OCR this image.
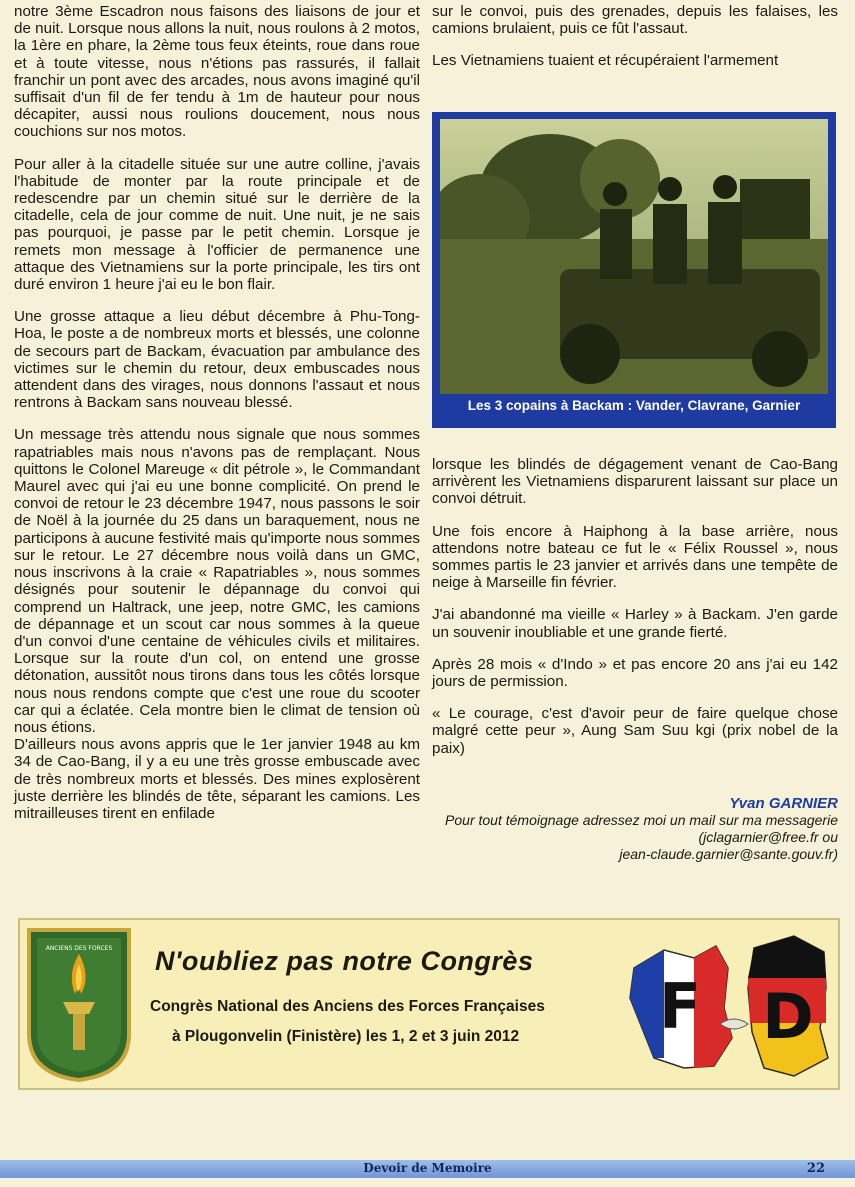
notre 3ème Escadron nous faisons des liaisons de jour et de nuit. Lorsque nous allons la nuit, nous roulons à 2 motos, la 1ère en phare, la 2ème tous feux éteints, roue dans roue et à toute vitesse, nous n'étions pas rassurés, il fallait franchir un pont avec des arcades, nous avons imaginé qu'il suffisait d'un fil de fer tendu à 1m de hauteur pour nous décapiter, aussi nous roulions doucement, nous nous couchions sur nos motos.

Pour aller à la citadelle située sur une autre colline, j'avais l'habitude de monter par la route principale et de redescendre par un chemin situé sur le derrière de la citadelle, cela de jour comme de nuit. Une nuit, je ne sais pas pourquoi, je passe par le petit chemin. Lorsque je remets mon message à l'officier de permanence une attaque des Vietnamiens sur la porte principale, les tirs ont duré environ 1 heure j'ai eu le bon flair.

Une grosse attaque a lieu début décembre à Phu-Tong-Hoa, le poste a de nombreux morts et blessés, une colonne de secours part de Backam, évacuation par ambulance des victimes sur le chemin du retour, deux embuscades nous attendent dans des virages, nous donnons l'assaut et nous rentrons à Backam sans nouveau blessé.

Un message très attendu nous signale que nous sommes rapatriables mais nous n'avons pas de remplaçant. Nous quittons le Colonel Mareuge « dit pétrole », le Commandant Maurel avec qui j'ai eu une bonne complicité. On prend le convoi de retour le 23 décembre 1947, nous passons le soir de Noël à la journée du 25 dans un baraquement, nous ne participons à aucune festivité mais qu'importe nous sommes sur le retour. Le 27 décembre nous voilà dans un GMC, nous inscrivons à la craie « Rapatriables », nous sommes désignés pour soutenir le dépannage du convoi qui comprend un Haltrack, une jeep, notre GMC, les camions de dépannage et un scout car nous sommes à la queue d'un convoi d'une centaine de véhicules civils et militaires. Lorsque sur la route d'un col, on entend une grosse détonation, aussitôt nous tirons dans tous les côtés lorsque nous nous rendons compte que c'est une roue du scooter car qui a éclatée. Cela montre bien le climat de tension où nous étions.

D'ailleurs nous avons appris que le 1er janvier 1948 au km 34 de Cao-Bang, il y a eu une très grosse embuscade avec de très nombreux morts et blessés. Des mines explosèrent juste derrière les blindés de tête, séparant les camions. Les mitrailleuses tirent en enfilade

sur le convoi, puis des grenades, depuis les falaises, les camions brulaient, puis ce fût l'assaut.

Les Vietnamiens tuaient et récupéraient l'armement

Les 3 copains à Backam : Vander, Clavrane, Garnier

lorsque les blindés de dégagement venant de Cao-Bang arrivèrent les Vietnamiens disparurent laissant sur place un convoi détruit.

Une fois encore à Haiphong à la base arrière, nous attendons notre bateau ce fut le « Félix Roussel », nous sommes partis le 23 janvier et arrivés dans une tempête de neige à Marseille fin février.

J'ai abandonné ma vieille « Harley » à Backam. J'en garde un souvenir inoubliable et une grande fierté.

Après 28 mois « d'Indo » et pas encore 20 ans j'ai eu 142 jours de permission.

« Le courage, c'est d'avoir peur de faire quelque chose malgré cette peur », Aung Sam Suu kgi (prix nobel de la paix)

Yvan GARNIER
Pour tout témoignage adressez moi un mail sur ma messagerie (jclagarnier@free.fr ou
jean-claude.garnier@sante.gouv.fr)
ANCIENS DES FORCES N'oubliez pas notre Congrès
Congrès National des Anciens des Forces Françaises
à Plougonvelin (Finistère) les 1, 2 et 3 juin 2012 F D
Devoir de Memoire	22
